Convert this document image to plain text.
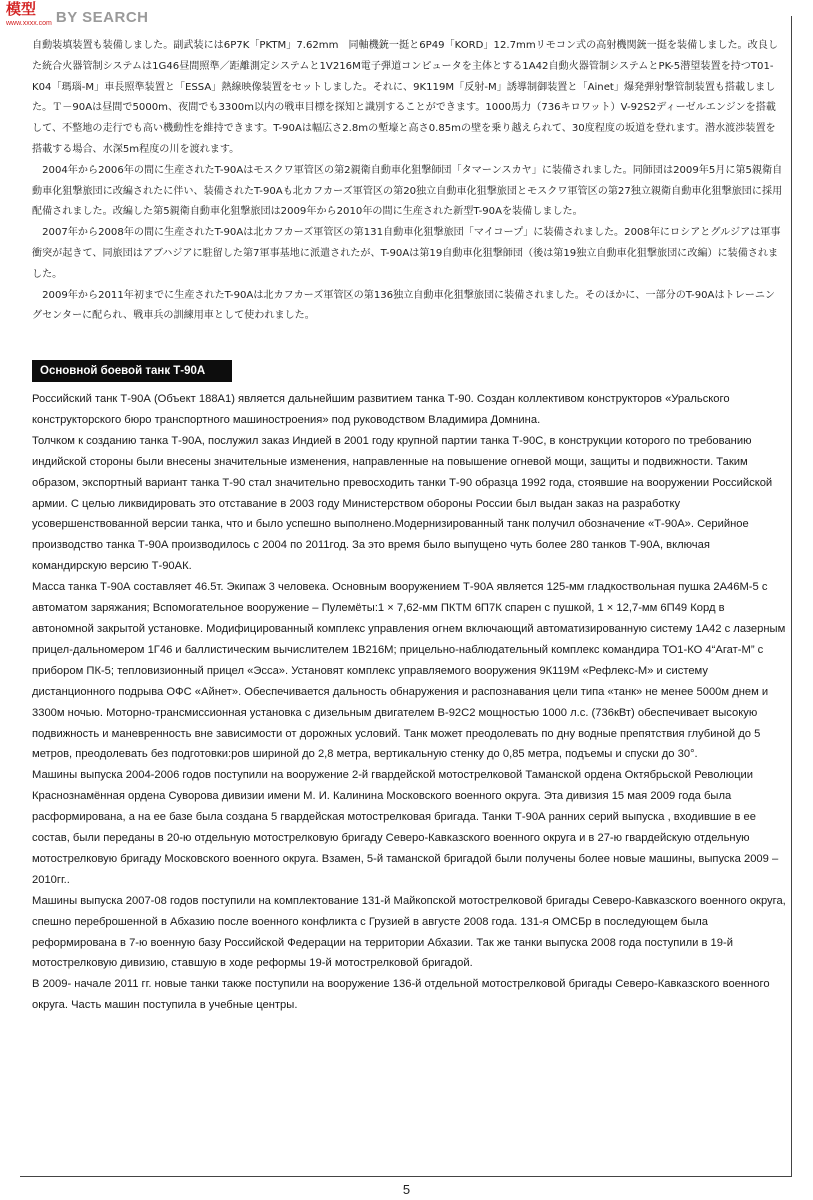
模型
www.xxxx.com BY SEARCH

自動装填装置も装備しました。副武装には6P7K「PKTM」7.62mm　同軸機銃一挺と6P49「KORD」12.7mmリモコン式の高射機関銃一挺を装備しました。改良した統合火器管制システムは1G46昼間照準／距離測定システムと1V216M電子弾道コンピュータを主体とする1A42自動火器管制システムとPK-5潜望装置を持つT01-K04「瑪瑙-M」車長照準装置と「ESSA」熱線映像装置をセットしました。それに、9K119M「反射-M」誘導制御装置と「Ainet」爆発弾射撃管制装置も搭載しました。Ｔ－90Aは昼間で5000m、夜間でも3300m以内の戦車目標を探知と識別することができます。1000馬力（736キロワット）V-92S2ディーゼルエンジンを搭載して、不整地の走行でも高い機動性を維持できます。T-90Aは幅広さ2.8mの塹壕と高さ0.85mの壁を乗り越えられて、30度程度の坂道を登れます。潜水渡渉装置を搭載する場合、水深5m程度の川を渡れます。

2004年から2006年の間に生産されたT-90Aはモスクワ軍管区の第2親衛自動車化狙撃師団「タマーンスカヤ」に装備されました。同師団は2009年5月に第5親衛自動車化狙撃旅団に改編されたに伴い、装備されたT-90Aも北カフカーズ軍管区の第20独立自動車化狙撃旅団とモスクワ軍管区の第27独立親衛自動車化狙撃旅団に採用配備されました。改編した第5親衛自動車化狙撃旅団は2009年から2010年の間に生産された新型T-90Aを装備しました。

2007年から2008年の間に生産されたT-90Aは北カフカーズ軍管区の第131自動車化狙撃旅団「マイコープ」に装備されました。2008年にロシアとグルジアは軍事衝突が起きて、同旅団はアブハジアに駐留した第7軍事基地に派遣されたが、T-90Aは第19自動車化狙撃師団（後は第19独立自動車化狙撃旅団に改編）に装備されました。

2009年から2011年初までに生産されたT-90Aは北カフカーズ軍管区の第136独立自動車化狙撃旅団に装備されました。そのほかに、一部分のT-90Aはトレーニングセンターに配られ、戦車兵の訓練用車として使われました。

Основной боевой танк Т-90А

Российский танк Т-90А (Объект 188А1) является дальнейшим развитием танка Т-90. Создан коллективом конструкторов «Уральского конструкторского бюро транспортного машиностроения» под руководством Владимира Домнина.

Толчком к созданию танка Т-90А, послужил заказ Индией в 2001 году крупной партии танка Т-90С, в конструкции которого по требованию индийской стороны были внесены значительные изменения, направленные на повышение огневой мощи, защиты и подвижности. Таким образом, экспортный вариант танка Т-90 стал значительно превосходить танки Т-90 образца 1992 года, стоявшие на вооружении Российской армии. С целью ликвидировать это отставание в 2003 году Министерством обороны России был выдан заказ на разработку усовершенствованной версии танка, что и было успешно выполнено.Модернизированный танк получил обозначение «Т-90А». Серийное производство танка Т-90А производилось с 2004 по 2011год. За это время было выпущено чуть более 280 танков Т-90А, включая командирскую версию Т-90АК.

Масса танка Т-90А составляет 46.5т. Экипаж 3 человека. Основным вооружением Т-90А является 125-мм гладкоствольная пушка 2А46М-5 с автоматом заряжания; Вспомогательное вооружение – Пулемёты:1 × 7,62-мм ПКТМ 6П7К спарен с пушкой, 1 × 12,7-мм 6П49 Корд в автономной закрытой установке. Модифицированный комплекс управления огнем включающий автоматизированную систему 1А42 с лазерным прицел-дальномером 1Г46 и баллистическим вычислителем 1В216М; прицельно-наблюдательный комплекс командира ТО1-КО 4“Агат-М” с прибором ПК-5; тепловизионный прицел «Эсса». Установят комплекс управляемого вооружения 9К119М «Рефлекс-М» и систему дистанционного подрыва ОФС «Айнет». Обеспечивается дальность обнаружения и распознавания цели типа «танк» не менее 5000м днем и 3300м ночью. Моторно-трансмиссионная установка с дизельным двигателем В-92С2 мощностью 1000 л.с. (736кВт) обеспечивает высокую подвижность и маневренность вне зависимости от дорожных условий. Танк может преодолевать по дну водные препятствия глубиной до 5 метров, преодолевать без подготовки:ров шириной до 2,8 метра, вертикальную стенку до 0,85 метра, подъемы и спуски до 30°.

Машины выпуска 2004-2006 годов поступили на вооружение 2-й гвардейской мотострелковой Таманской ордена Октябрьской Революции Краснознамённая ордена Суворова дивизии имени М. И. Калинина Московского военного округа. Эта дивизия 15 мая 2009 года была расформирована, а на ее базе была создана 5 гвардейская мотострелковая бригада. Танки Т-90А ранних серий выпуска , входившие в ее состав, были переданы в 20-ю отдельную мотострелковую бригаду Северо-Кавказского военного округа и в 27-ю гвардейскую отдельную мотострелковую бригаду Московского военного округа. Взамен, 5-й таманской бригадой были получены более новые машины, выпуска 2009 – 2010гг..

Машины выпуска 2007-08 годов поступили на комплектование 131-й Майкопской мотострелковой бригады Северо-Кавказского военного округа, спешно переброшенной в Абхазию после военного конфликта с Грузией в августе 2008 года. 131-я ОМСБр в последующем была реформирована в 7-ю военную базу Российской Федерации на территории Абхазии. Так же танки выпуска 2008 года поступили в 19-й мотострелковую дивизию, ставшую в ходе реформы 19-й мотострелковой бригадой.

В 2009- начале 2011 гг. новые танки также поступили на вооружение 136-й отдельной мотострелковой бригады Северо-Кавказского военного округа. Часть машин поступила в учебные центры.

5
